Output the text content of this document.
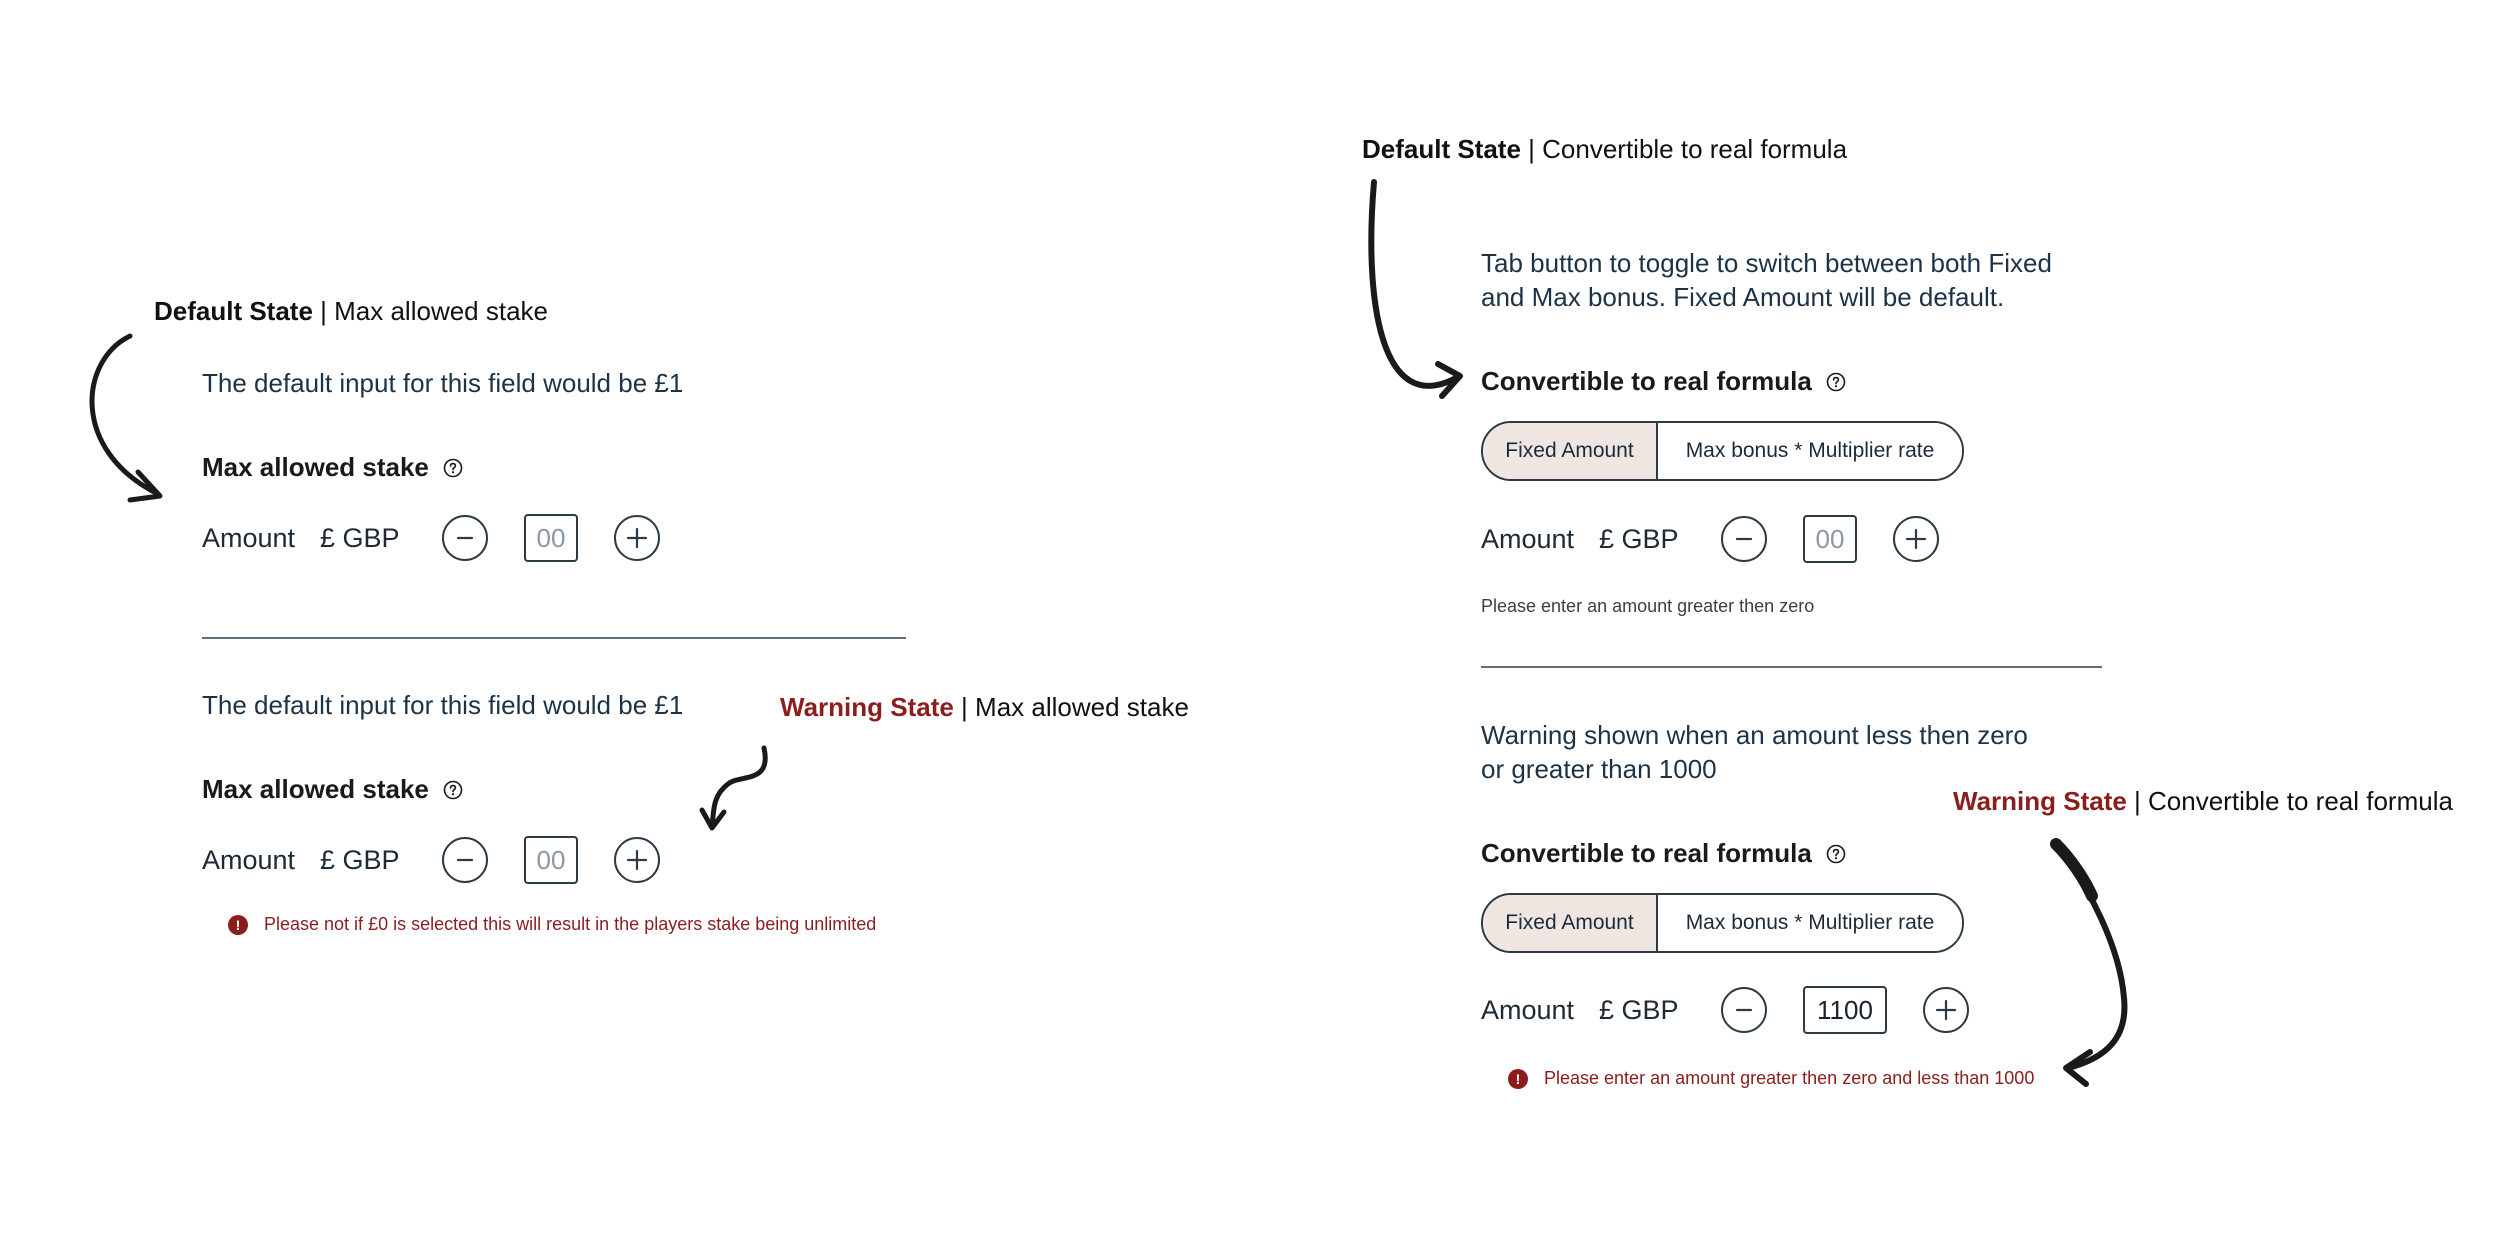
Default State | Max allowed stake
The default input for this field would be £1
Max allowed stake
Amount £ GBP	00
The default input for this field would be £1	Warning State | Max allowed stake
Max allowed stake
Amount £ GBP	00
!	Please not if £0 is selected this will result in the players stake being unlimited
Default State | Convertible to real formula
Tab button to toggle to switch between both Fixed
and Max bonus. Fixed Amount will be default.
Convertible to real formula
Fixed Amount	Max bonus * Multiplier rate
Amount £ GBP	00
Please enter an amount greater then zero
Warning shown when an amount less then zero
or greater than 1000
Warning State | Convertible to real formula
Convertible to real formula
Fixed Amount	Max bonus * Multiplier rate
Amount £ GBP	1100
!	Please enter an amount greater then zero and less than 1000
